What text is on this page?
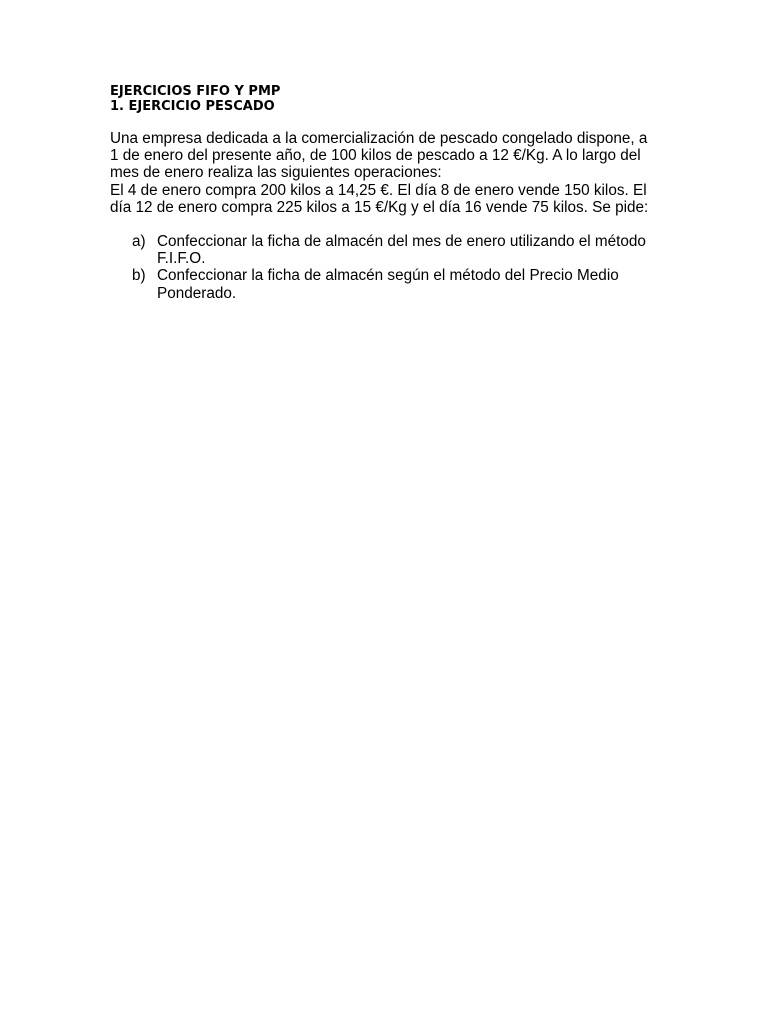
EJERCICIOS FIFO Y PMP

1. EJERCICIO PESCADO

Una empresa dedicada a la comercialización de pescado congelado dispone, a 1 de enero del presente año, de 100 kilos de pescado a 12 €/Kg. A lo largo del mes de enero realiza las siguientes operaciones:

El 4 de enero compra 200 kilos a 14,25 €. El día 8 de enero vende 150 kilos. El día 12 de enero compra 225 kilos a 15 €/Kg y el día 16 vende 75 kilos. Se pide:

a) Confeccionar la ficha de almacén del mes de enero utilizando el método F.I.F.O.
b) Confeccionar la ficha de almacén según el método del Precio Medio Ponderado.
